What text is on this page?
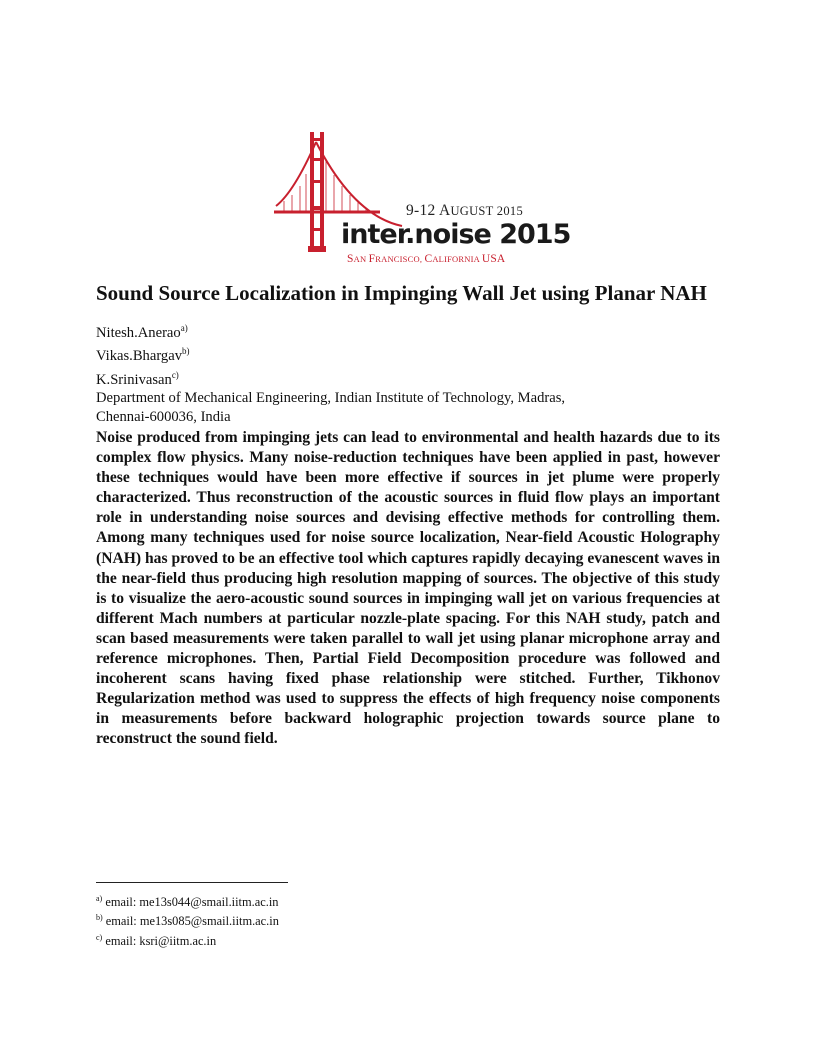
9-12 AUGUST 2015
inter.noise 2015
SAN FRANCISCO, CALIFORNIA USA
Sound Source Localization in Impinging Wall Jet using Planar NAH
Nitesh.Anerao$^{a)}$
Vikas.Bhargav$^{b)}$
K.Srinivasan$^{c)}$
Department of Mechanical Engineering, Indian Institute of Technology, Madras,
Chennai-600036, India

Noise produced from impinging jets can lead to environmental and health hazards due to its complex flow physics. Many noise-reduction techniques have been applied in past, however these techniques would have been more effective if sources in jet plume were properly characterized. Thus reconstruction of the acoustic sources in fluid flow plays an important role in understanding noise sources and devising effective methods for controlling them. Among many techniques used for noise source localization, Near-field Acoustic Holography (NAH) has proved to be an effective tool which captures rapidly decaying evanescent waves in the near-field thus producing high resolution mapping of sources. The objective of this study is to visualize the aero-acoustic sound sources in impinging wall jet on various frequencies at different Mach numbers at particular nozzle-plate spacing. For this NAH study, patch and scan based measurements were taken parallel to wall jet using planar microphone array and reference microphones. Then, Partial Field Decomposition procedure was followed and incoherent scans having fixed phase relationship were stitched. Further, Tikhonov Regularization method was used to suppress the effects of high frequency noise components in measurements before backward holographic projection towards source plane to reconstruct the sound field.

$^{a)}$ email: me13s044@smail.iitm.ac.in
$^{b)}$ email: me13s085@smail.iitm.ac.in
$^{c)}$ email: ksri@iitm.ac.in
